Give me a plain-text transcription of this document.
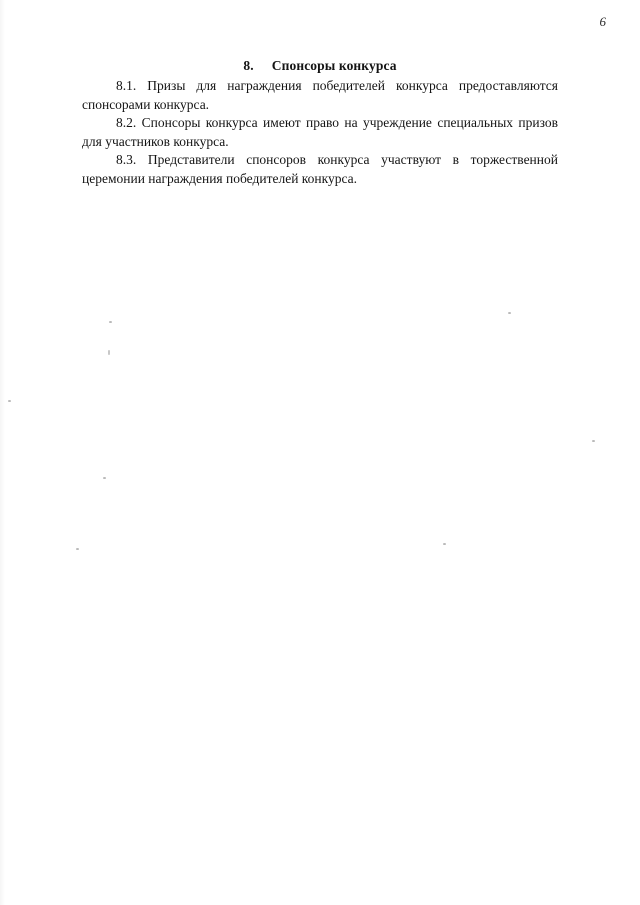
6
8. Спонсоры конкурса

8.1. Призы для награждения победителей конкурса предоставляются спонсорами конкурса.

8.2. Спонсоры конкурса имеют право на учреждение специальных призов для участников конкурса.

8.3. Представители спонсоров конкурса участвуют в торжественной церемонии награждения победителей конкурса.
